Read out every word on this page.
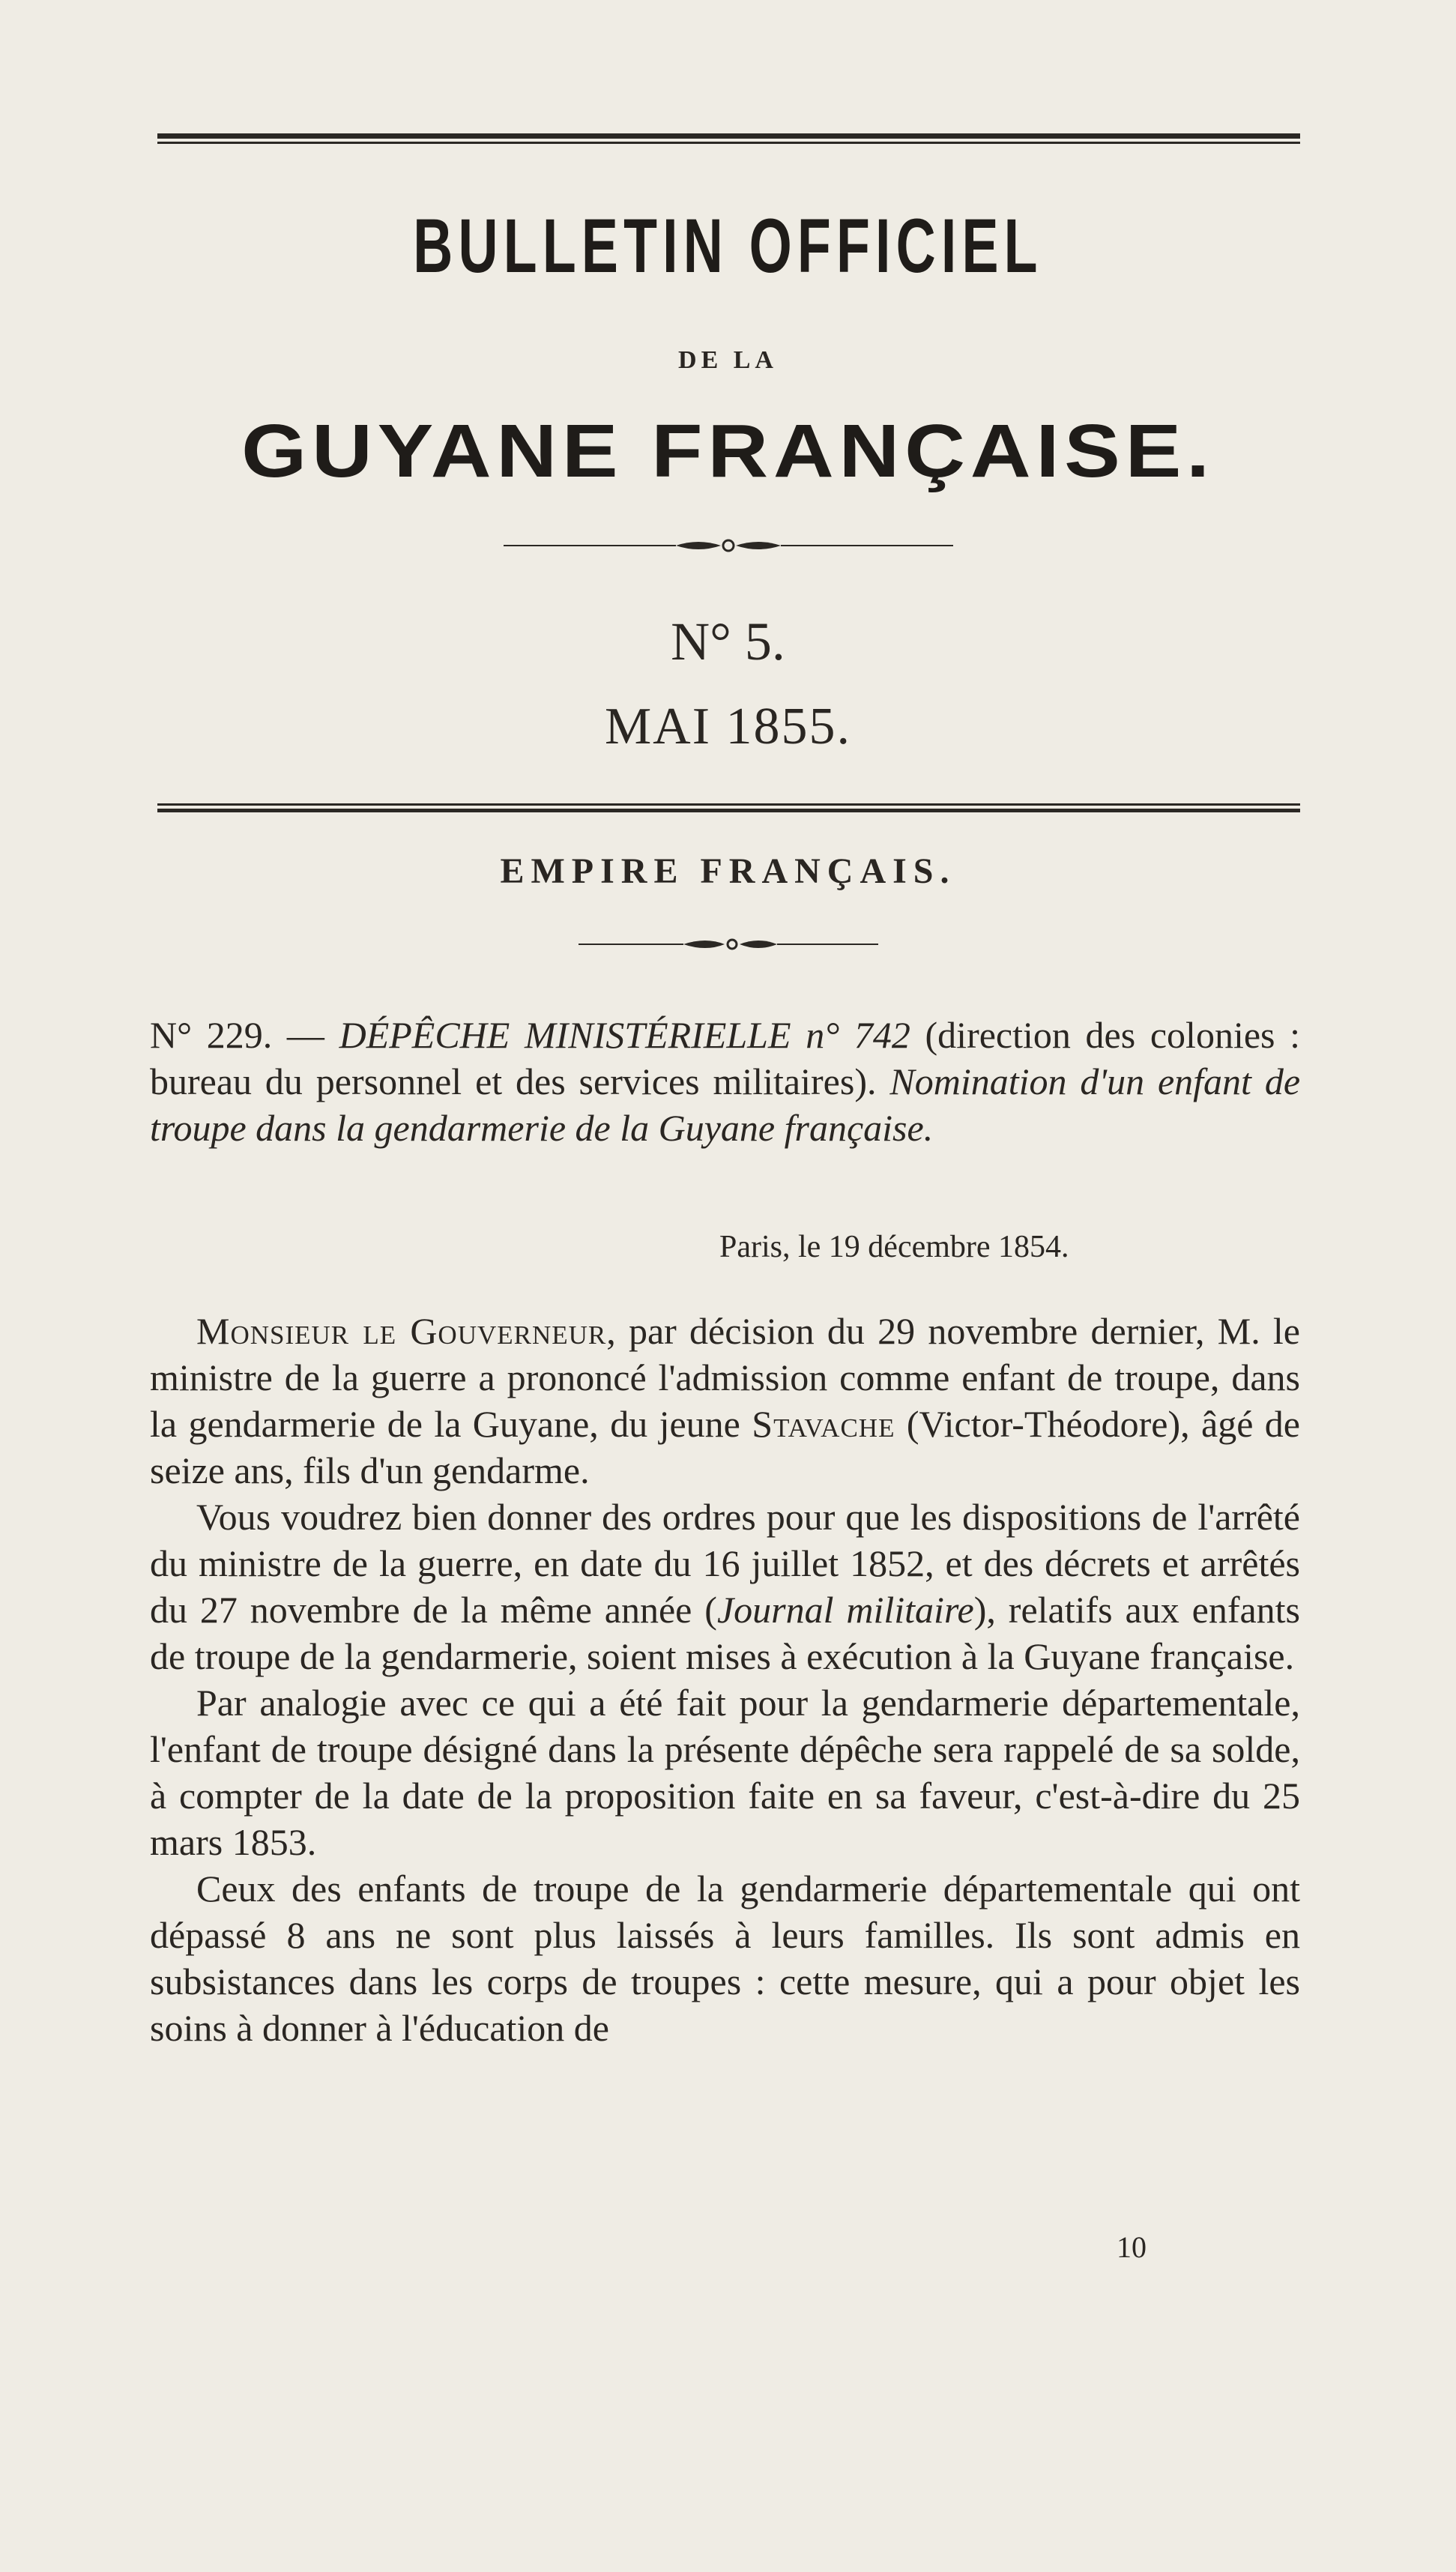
BULLETIN OFFICIEL
DE LA
GUYANE FRANÇAISE.
N° 5.
MAI 1855.
EMPIRE FRANÇAIS.
N° 229. — DÉPÊCHE MINISTÉRIELLE n° 742 (direction des colonies : bureau du personnel et des services militaires). Nomination d'un enfant de troupe dans la gendarmerie de la Guyane française.
Paris, le 19 décembre 1854.

Monsieur le Gouverneur, par décision du 29 novembre dernier, M. le ministre de la guerre a prononcé l'admission comme enfant de troupe, dans la gendarmerie de la Guyane, du jeune Stavache (Victor-Théodore), âgé de seize ans, fils d'un gendarme.

Vous voudrez bien donner des ordres pour que les dispositions de l'arrêté du ministre de la guerre, en date du 16 juillet 1852, et des décrets et arrêtés du 27 novembre de la même année (Journal militaire), relatifs aux enfants de troupe de la gendarmerie, soient mises à exécution à la Guyane française.

Par analogie avec ce qui a été fait pour la gendarmerie départementale, l'enfant de troupe désigné dans la présente dépêche sera rappelé de sa solde, à compter de la date de la proposition faite en sa faveur, c'est-à-dire du 25 mars 1853.

Ceux des enfants de troupe de la gendarmerie départementale qui ont dépassé 8 ans ne sont plus laissés à leurs familles. Ils sont admis en subsistances dans les corps de troupes : cette mesure, qui a pour objet les soins à donner à l'éducation de

10
